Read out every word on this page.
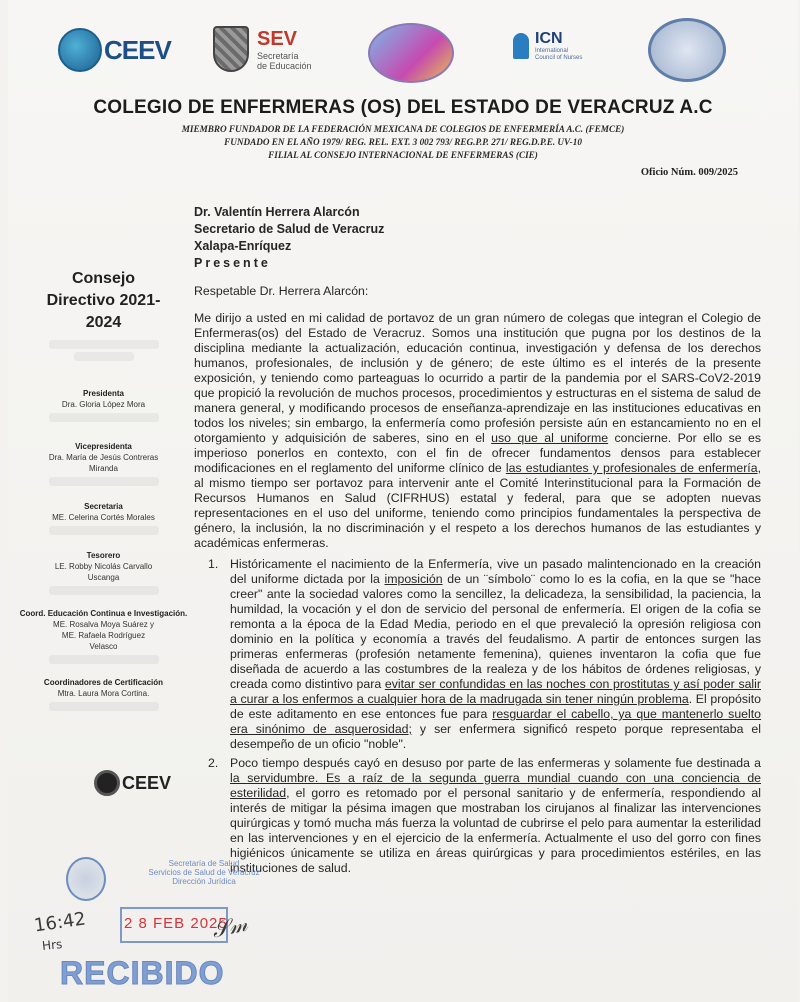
CEEV	SEV
Secretaría
de Educación
ICN
International
Council of Nurses
COLEGIO DE ENFERMERAS (OS) DEL ESTADO DE VERACRUZ A.C
MIEMBRO FUNDADOR DE LA FEDERACIÓN MEXICANA DE COLEGIOS DE ENFERMERÍA A.C. (FEMCE)
FUNDADO EN EL AÑO 1979/ REG. REL. EXT. 3 002 793/ REG.P.P. 271/ REG.D.P.E. UV-10
FILIAL AL CONSEJO INTERNACIONAL DE ENFERMERAS (CIE)
Oficio Núm. 009/2025
Dr. Valentín Herrera Alarcón
Secretario de Salud de Veracruz
Xalapa-Enríquez
Presente
Consejo
Directivo 2021-
2024
Presidenta
Dra. Gloria López Mora
Vicepresidenta
Dra. María de Jesús Contreras
Miranda
Secretaria
ME. Celerina Cortés Morales
Tesorero
LE. Robby Nicolás Carvallo
Uscanga
Coord. Educación Continua e Investigación.
ME. Rosalva Moya Suárez y
ME. Rafaela Rodríguez
Velasco
Coordinadores de Certificación
Mtra. Laura Mora Cortina.
CEEV
Respetable Dr. Herrera Alarcón:

Me dirijo a usted en mi calidad de portavoz de un gran número de colegas que integran el Colegio de Enfermeras(os) del Estado de Veracruz. Somos una institución que pugna por los destinos de la disciplina mediante la actualización, educación continua, investigación y defensa de los derechos humanos, profesionales, de inclusión y de género; de este último es el interés de la presente exposición, y teniendo como parteaguas lo ocurrido a partir de la pandemia por el SARS-CoV2-2019 que propició la revolución de muchos procesos, procedimientos y estructuras en el sistema de salud de manera general, y modificando procesos de enseñanza-aprendizaje en las instituciones educativas en todos los niveles; sin embargo, la enfermería como profesión persiste aún en estancamiento no en el otorgamiento y adquisición de saberes, sino en el uso que al uniforme concierne. Por ello se es imperioso ponerlos en contexto, con el fin de ofrecer fundamentos densos para establecer modificaciones en el reglamento del uniforme clínico de las estudiantes y profesionales de enfermería, al mismo tiempo ser portavoz para intervenir ante el Comité Interinstitucional para la Formación de Recursos Humanos en Salud (CIFRHUS) estatal y federal, para que se adopten nuevas representaciones en el uso del uniforme, teniendo como principios fundamentales la perspectiva de género, la inclusión, la no discriminación y el respeto a los derechos humanos de las estudiantes y académicas enfermeras.

1. Históricamente el nacimiento de la Enfermería, vive un pasado malintencionado en la creación del uniforme dictada por la imposición de un ¨símbolo¨ como lo es la cofia, en la que se "hace creer" ante la sociedad valores como la sencillez, la delicadeza, la sensibilidad, la paciencia, la humildad, la vocación y el don de servicio del personal de enfermería. El origen de la cofia se remonta a la época de la Edad Media, periodo en el que prevaleció la opresión religiosa con dominio en la política y economía a través del feudalismo. A partir de entonces surgen las primeras enfermeras (profesión netamente femenina), quienes inventaron la cofia que fue diseñada de acuerdo a las costumbres de la realeza y de los hábitos de órdenes religiosas, y creada como distintivo para evitar ser confundidas en las noches con prostitutas y así poder salir a curar a los enfermos a cualquier hora de la madrugada sin tener ningún problema. El propósito de este aditamento en ese entonces fue para resguardar el cabello, ya que mantenerlo suelto era sinónimo de asquerosidad; y ser enfermera significó respeto porque representaba el desempeño de un oficio "noble".
2. Poco tiempo después cayó en desuso por parte de las enfermeras y solamente fue destinada a la servidumbre. Es a raíz de la segunda guerra mundial cuando con una conciencia de esterilidad, el gorro es retomado por el personal sanitario y de enfermería, respondiendo al interés de mitigar la pésima imagen que mostraban los cirujanos al finalizar las intervenciones quirúrgicas y tomó mucha más fuerza la voluntad de cubrirse el pelo para aumentar la esterilidad en las intervenciones y en el ejercicio de la enfermería. Actualmente el uso del gorro con fines higiénicos únicamente se utiliza en áreas quirúrgicas y para procedimientos estériles, en las instituciones de salud.
Secretaría de Salud
Servicios de Salud de Veracruz
Dirección Jurídica
2 8 FEB 2025
RECIBIDO
16:42
Hrs
𝒮𝓂
